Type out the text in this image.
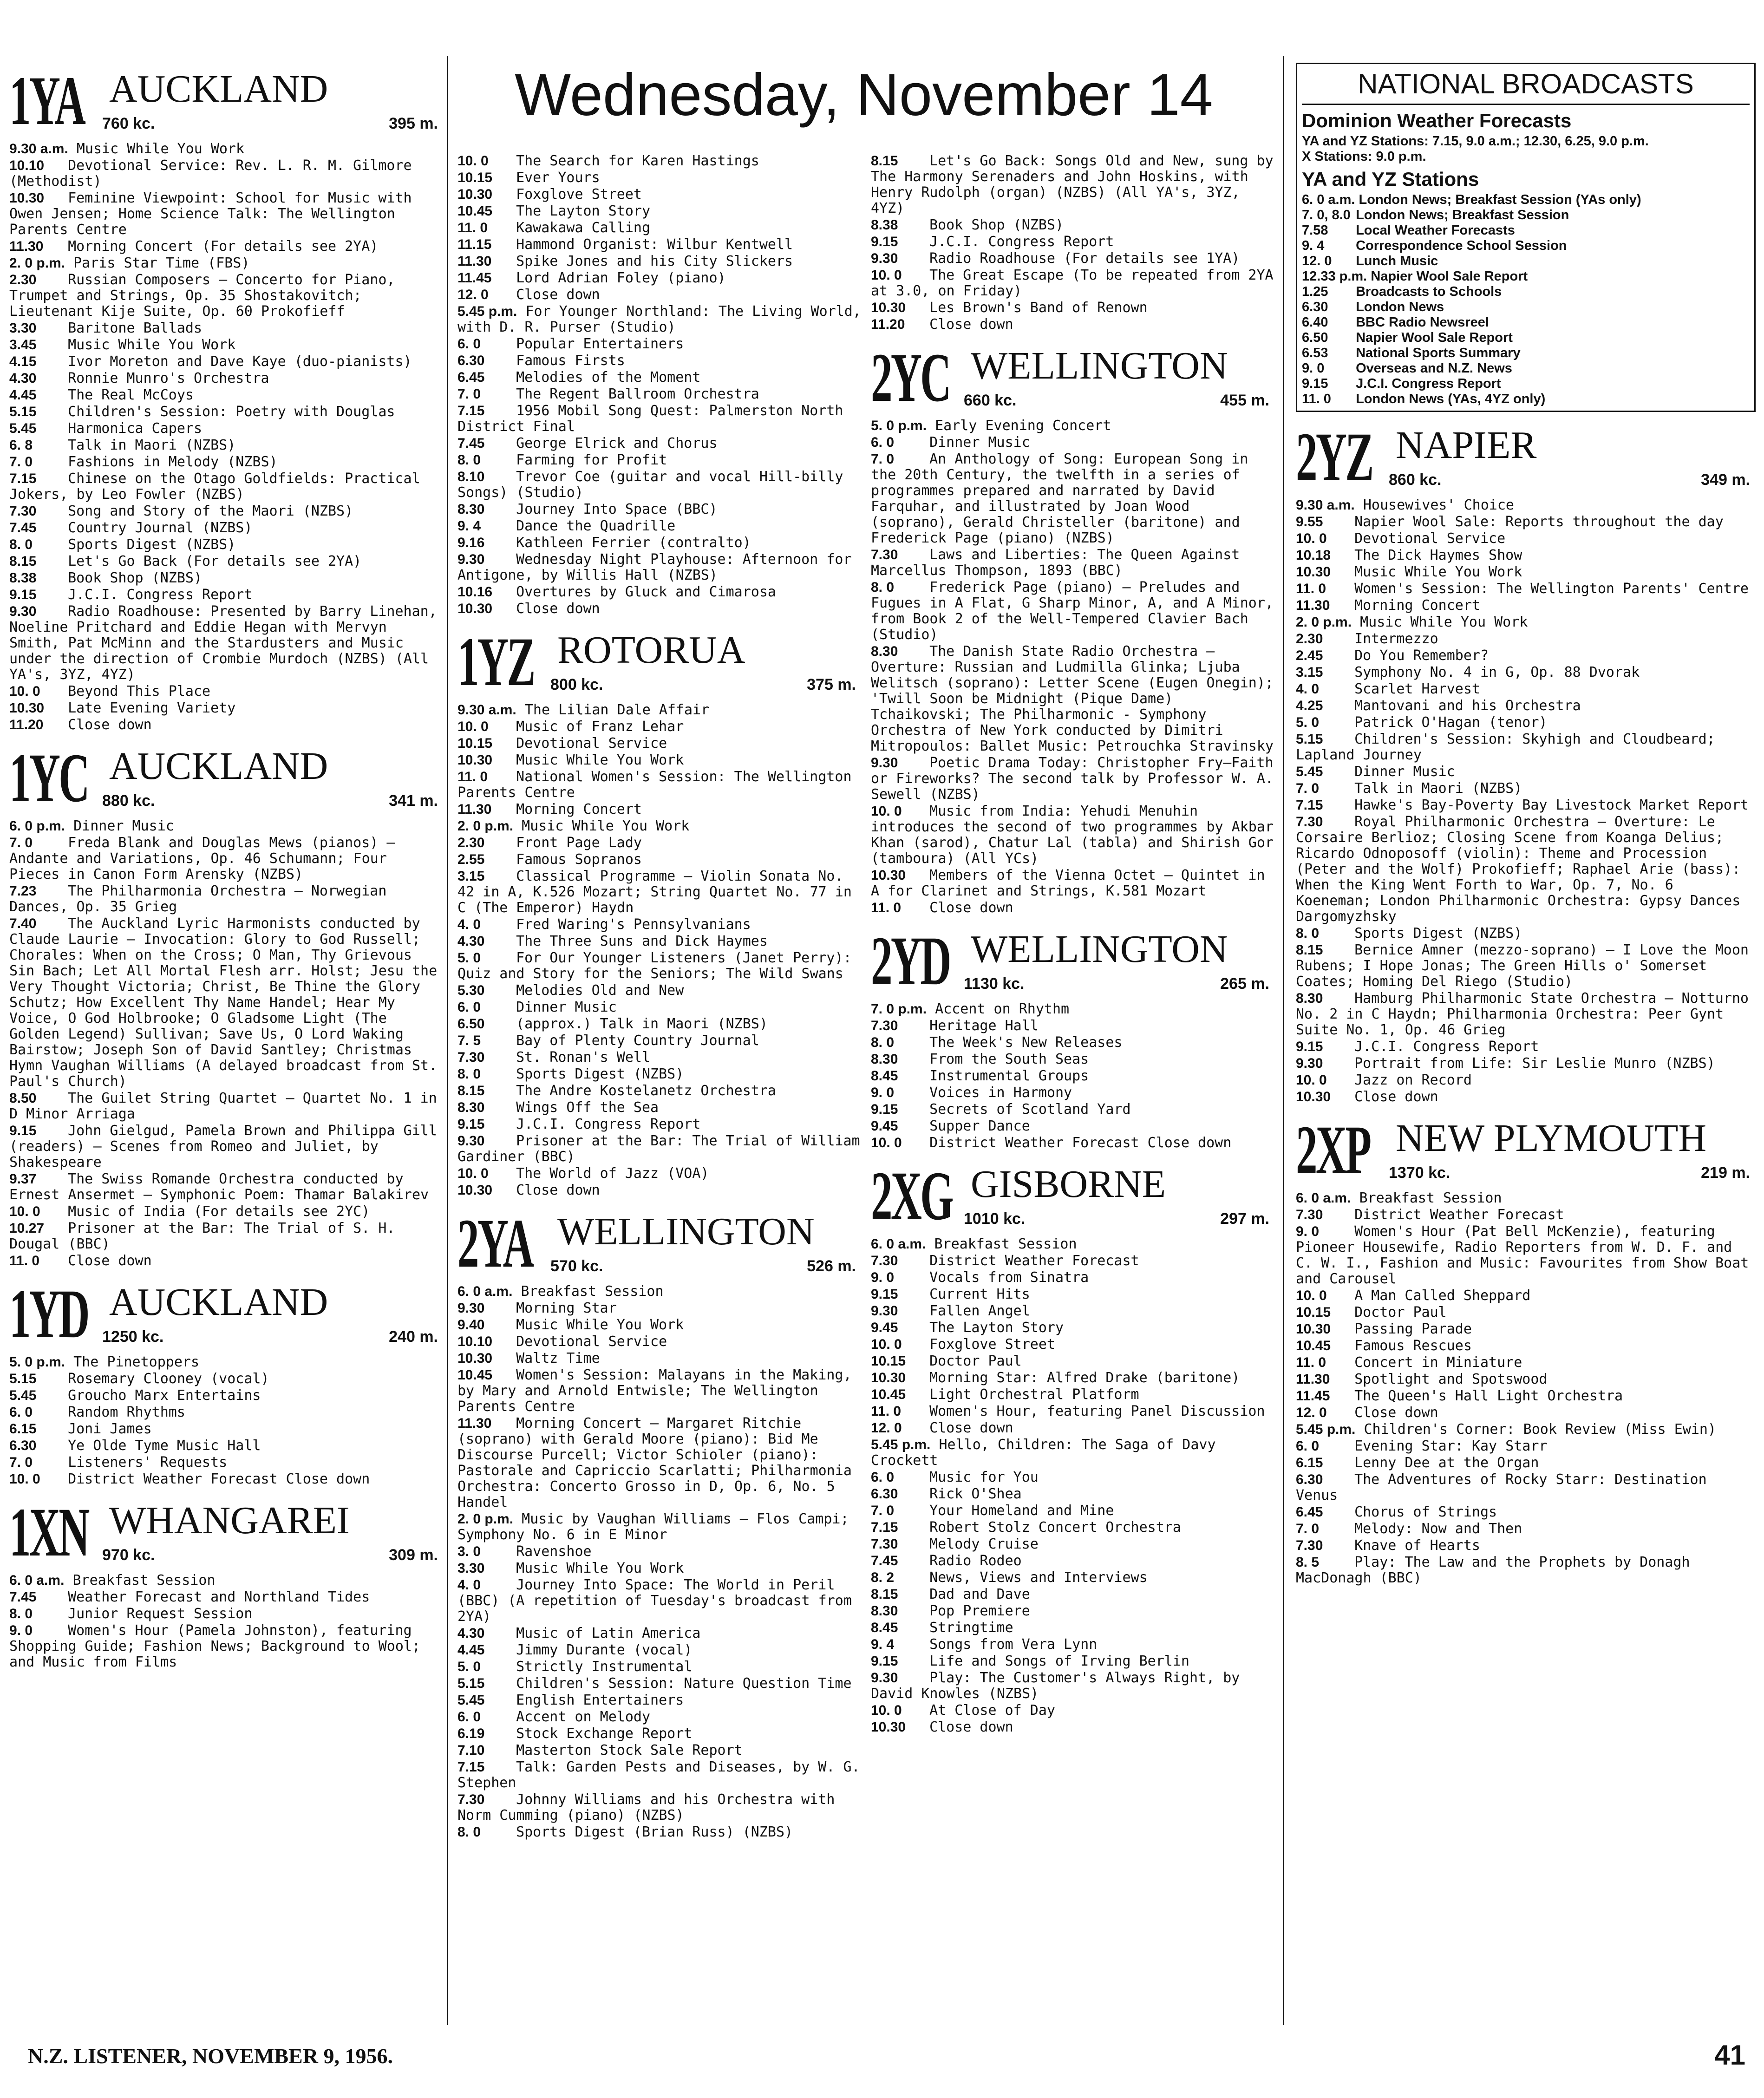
Wednesday, November 14
1YA AUCKLAND
760 kc.	395 m.
9.30 a.m. Music While You Work
10.10 Devotional Service: Rev. L. R. M. Gilmore (Methodist)
10.30 Feminine Viewpoint: School for Music with Owen Jensen; Home Science Talk: The Wellington Parents Centre
11.30 Morning Concert (For details see 2YA)
2. 0 p.m. Paris Star Time (FBS)
2.30 Russian Composers — Concerto for Piano, Trumpet and Strings, Op. 35 Shostakovitch; Lieutenant Kije Suite, Op. 60 Prokofieff
3.30 Baritone Ballads
3.45 Music While You Work
4.15 Ivor Moreton and Dave Kaye (duo-pianists)
4.30 Ronnie Munro's Orchestra
4.45 The Real McCoys
5.15 Children's Session: Poetry with Douglas
5.45 Harmonica Capers
6. 8	Talk in Maori (NZBS)
7. 0	Fashions in Melody (NZBS)
7.15 Chinese on the Otago Goldfields: Practical Jokers, by Leo Fowler (NZBS)
7.30 Song and Story of the Maori (NZBS)
7.45 Country Journal (NZBS)
8. 0	Sports Digest (NZBS)
8.15 Let's Go Back (For details see 2YA)
8.38 Book Shop (NZBS)
9.15 J.C.I. Congress Report
9.30 Radio Roadhouse: Presented by Barry Linehan, Noeline Pritchard and Eddie Hegan with Mervyn Smith, Pat McMinn and the Stardusters and Music under the direction of Crombie Murdoch (NZBS) (All YA's, 3YZ, 4YZ)
10. 0 Beyond This Place
10.30 Late Evening Variety
11.20 Close down
1YC AUCKLAND
880 kc.	341 m.
6. 0 p.m. Dinner Music
7. 0	Freda Blank and Douglas Mews (pianos) — Andante and Variations, Op. 46 Schumann; Four Pieces in Canon Form Arensky (NZBS)
7.23 The Philharmonia Orchestra — Norwegian Dances, Op. 35 Grieg
7.40 The Auckland Lyric Harmonists conducted by Claude Laurie — Invocation: Glory to God Russell; Chorales: When on the Cross; O Man, Thy Grievous Sin Bach; Let All Mortal Flesh arr. Holst; Jesu the Very Thought Victoria; Christ, Be Thine the Glory Schutz; How Excellent Thy Name Handel; Hear My Voice, O God Holbrooke; O Gladsome Light (The Golden Legend) Sullivan; Save Us, O Lord Waking Bairstow; Joseph Son of David Santley; Christmas Hymn Vaughan Williams (A delayed broadcast from St. Paul's Church)
8.50 The Guilet String Quartet — Quartet No. 1 in D Minor Arriaga
9.15 John Gielgud, Pamela Brown and Philippa Gill (readers) — Scenes from Romeo and Juliet, by Shakespeare
9.37 The Swiss Romande Orchestra conducted by Ernest Ansermet — Symphonic Poem: Thamar Balakirev
10. 0 Music of India (For details see 2YC)
10.27 Prisoner at the Bar: The Trial of S. H. Dougal (BBC)
11. 0 Close down
1YD AUCKLAND
1250 kc.	240 m.
5. 0 p.m. The Pinetoppers
5.15 Rosemary Clooney (vocal)
5.45 Groucho Marx Entertains
6. 0	Random Rhythms
6.15 Joni James
6.30 Ye Olde Tyme Music Hall
7. 0	Listeners' Requests
10. 0 District Weather Forecast Close down
1XN WHANGAREI
970 kc.	309 m.
6. 0 a.m. Breakfast Session
7.45 Weather Forecast and Northland Tides
8. 0	Junior Request Session
9. 0	Women's Hour (Pamela Johnston), featuring Shopping Guide; Fashion News; Background to Wool; and Music from Films
10. 0 The Search for Karen Hastings
10.15 Ever Yours
10.30 Foxglove Street
10.45 The Layton Story
11. 0 Kawakawa Calling
11.15 Hammond Organist: Wilbur Kentwell
11.30 Spike Jones and his City Slickers
11.45 Lord Adrian Foley (piano)
12. 0 Close down
5.45 p.m. For Younger Northland: The Living World, with D. R. Purser (Studio)
6. 0	Popular Entertainers
6.30 Famous Firsts
6.45 Melodies of the Moment
7. 0	The Regent Ballroom Orchestra
7.15 1956 Mobil Song Quest: Palmerston North District Final
7.45 George Elrick and Chorus
8. 0	Farming for Profit
8.10 Trevor Coe (guitar and vocal Hill-billy Songs) (Studio)
8.30 Journey Into Space (BBC)
9. 4	Dance the Quadrille
9.16 Kathleen Ferrier (contralto)
9.30 Wednesday Night Playhouse: Afternoon for Antigone, by Willis Hall (NZBS)
10.16 Overtures by Gluck and Cimarosa
10.30 Close down
1YZ ROTORUA
800 kc.	375 m.
9.30 a.m. The Lilian Dale Affair
10. 0 Music of Franz Lehar
10.15 Devotional Service
10.30 Music While You Work
11. 0 National Women's Session: The Wellington Parents Centre
11.30 Morning Concert
2. 0 p.m. Music While You Work
2.30 Front Page Lady
2.55 Famous Sopranos
3.15 Classical Programme — Violin Sonata No. 42 in A, K.526 Mozart; String Quartet No. 77 in C (The Emperor) Haydn
4. 0	Fred Waring's Pennsylvanians
4.30 The Three Suns and Dick Haymes
5. 0	For Our Younger Listeners (Janet Perry): Quiz and Story for the Seniors; The Wild Swans
5.30 Melodies Old and New
6. 0	Dinner Music
6.50 (approx.) Talk in Maori (NZBS)
7. 5	Bay of Plenty Country Journal
7.30 St. Ronan's Well
8. 0	Sports Digest (NZBS)
8.15 The Andre Kostelanetz Orchestra
8.30 Wings Off the Sea
9.15 J.C.I. Congress Report
9.30 Prisoner at the Bar: The Trial of William Gardiner (BBC)
10. 0 The World of Jazz (VOA)
10.30 Close down
2YA WELLINGTON
570 kc.	526 m.
6. 0 a.m. Breakfast Session
9.30 Morning Star
9.40 Music While You Work
10.10 Devotional Service
10.30 Waltz Time
10.45 Women's Session: Malayans in the Making, by Mary and Arnold Entwisle; The Wellington Parents Centre
11.30 Morning Concert — Margaret Ritchie (soprano) with Gerald Moore (piano): Bid Me Discourse Purcell; Victor Schioler (piano): Pastorale and Capriccio Scarlatti; Philharmonia Orchestra: Concerto Grosso in D, Op. 6, No. 5 Handel
2. 0 p.m. Music by Vaughan Williams — Flos Campi; Symphony No. 6 in E Minor
3. 0	Ravenshoe
3.30 Music While You Work
4. 0	Journey Into Space: The World in Peril (BBC) (A repetition of Tuesday's broadcast from 2YA)
4.30 Music of Latin America
4.45 Jimmy Durante (vocal)
5. 0	Strictly Instrumental
5.15 Children's Session: Nature Question Time
5.45 English Entertainers
6. 0	Accent on Melody
6.19 Stock Exchange Report
7.10 Masterton Stock Sale Report
7.15 Talk: Garden Pests and Diseases, by W. G. Stephen
7.30 Johnny Williams and his Orchestra with Norm Cumming (piano) (NZBS)
8. 0	Sports Digest (Brian Russ) (NZBS)
8.15 Let's Go Back: Songs Old and New, sung by The Harmony Serenaders and John Hoskins, with Henry Rudolph (organ) (NZBS) (All YA's, 3YZ, 4YZ)
8.38 Book Shop (NZBS)
9.15 J.C.I. Congress Report
9.30 Radio Roadhouse (For details see 1YA)
10. 0 The Great Escape (To be repeated from 2YA at 3.0, on Friday)
10.30 Les Brown's Band of Renown
11.20 Close down
2YC WELLINGTON
660 kc.	455 m.
5. 0 p.m. Early Evening Concert
6. 0	Dinner Music
7. 0	An Anthology of Song: European Song in the 20th Century, the twelfth in a series of programmes prepared and narrated by David Farquhar, and illustrated by Joan Wood (soprano), Gerald Christeller (baritone) and Frederick Page (piano) (NZBS)
7.30 Laws and Liberties: The Queen Against Marcellus Thompson, 1893 (BBC)
8. 0	Frederick Page (piano) — Preludes and Fugues in A Flat, G Sharp Minor, A, and A Minor, from Book 2 of the Well-Tempered Clavier Bach (Studio)
8.30 The Danish State Radio Orchestra — Overture: Russian and Ludmilla Glinka; Ljuba Welitsch (soprano): Letter Scene (Eugen Onegin); 'Twill Soon be Midnight (Pique Dame) Tchaikovski; The Philharmonic - Symphony Orchestra of New York conducted by Dimitri Mitropoulos: Ballet Music: Petrouchka Stravinsky
9.30 Poetic Drama Today: Christopher Fry—Faith or Fireworks? The second talk by Professor W. A. Sewell (NZBS)
10. 0 Music from India: Yehudi Menuhin introduces the second of two programmes by Akbar Khan (sarod), Chatur Lal (tabla) and Shirish Gor (tamboura) (All YCs)
10.30 Members of the Vienna Octet — Quintet in A for Clarinet and Strings, K.581 Mozart
11. 0 Close down
2YD WELLINGTON
1130 kc.	265 m.
7. 0 p.m. Accent on Rhythm
7.30 Heritage Hall
8. 0	The Week's New Releases
8.30 From the South Seas
8.45 Instrumental Groups
9. 0	Voices in Harmony
9.15 Secrets of Scotland Yard
9.45 Supper Dance
10. 0 District Weather Forecast Close down
2XG GISBORNE
1010 kc.	297 m.
6. 0 a.m. Breakfast Session
7.30 District Weather Forecast
9. 0	Vocals from Sinatra
9.15 Current Hits
9.30 Fallen Angel
9.45 The Layton Story
10. 0 Foxglove Street
10.15 Doctor Paul
10.30 Morning Star: Alfred Drake (baritone)
10.45 Light Orchestral Platform
11. 0 Women's Hour, featuring Panel Discussion
12. 0 Close down
5.45 p.m. Hello, Children: The Saga of Davy Crockett
6. 0	Music for You
6.30 Rick O'Shea
7. 0	Your Homeland and Mine
7.15 Robert Stolz Concert Orchestra
7.30 Melody Cruise
7.45 Radio Rodeo
8. 2	News, Views and Interviews
8.15 Dad and Dave
8.30 Pop Premiere
8.45 Stringtime
9. 4	Songs from Vera Lynn
9.15 Life and Songs of Irving Berlin
9.30 Play: The Customer's Always Right, by David Knowles (NZBS)
10. 0 At Close of Day
10.30 Close down
NATIONAL BROADCASTS
Dominion Weather Forecasts
YA and YZ Stations: 7.15, 9.0 a.m.; 12.30, 6.25, 9.0 p.m.
X Stations: 9.0 p.m.
YA and YZ Stations
6. 0 a.m. London News; Breakfast Session (YAs only)
7. 0, 8.0 London News; Breakfast Session
7.58 Local Weather Forecasts
9. 4 Correspondence School Session
12. 0 Lunch Music
12.33 p.m. Napier Wool Sale Report
1.25 Broadcasts to Schools
6.30 London News
6.40 BBC Radio Newsreel
6.50 Napier Wool Sale Report
6.53 National Sports Summary
9. 0 Overseas and N.Z. News
9.15 J.C.I. Congress Report
11. 0 London News (YAs, 4YZ only)
2YZ NAPIER
860 kc.	349 m.
9.30 a.m. Housewives' Choice
9.55 Napier Wool Sale: Reports throughout the day
10. 0 Devotional Service
10.18 The Dick Haymes Show
10.30 Music While You Work
11. 0 Women's Session: The Wellington Parents' Centre
11.30 Morning Concert
2. 0 p.m. Music While You Work
2.30 Intermezzo
2.45 Do You Remember?
3.15 Symphony No. 4 in G, Op. 88 Dvorak
4. 0	Scarlet Harvest
4.25 Mantovani and his Orchestra
5. 0	Patrick O'Hagan (tenor)
5.15 Children's Session: Skyhigh and Cloudbeard; Lapland Journey
5.45 Dinner Music
7. 0	Talk in Maori (NZBS)
7.15 Hawke's Bay-Poverty Bay Livestock Market Report
7.30 Royal Philharmonic Orchestra — Overture: Le Corsaire Berlioz; Closing Scene from Koanga Delius; Ricardo Odnoposoff (violin): Theme and Procession (Peter and the Wolf) Prokofieff; Raphael Arie (bass): When the King Went Forth to War, Op. 7, No. 6 Koeneman; London Philharmonic Orchestra: Gypsy Dances Dargomyzhsky
8. 0	Sports Digest (NZBS)
8.15 Bernice Amner (mezzo-soprano) — I Love the Moon Rubens; I Hope Jonas; The Green Hills o' Somerset Coates; Homing Del Riego (Studio)
8.30 Hamburg Philharmonic State Orchestra — Notturno No. 2 in C Haydn; Philharmonia Orchestra: Peer Gynt Suite No. 1, Op. 46 Grieg
9.15 J.C.I. Congress Report
9.30 Portrait from Life: Sir Leslie Munro (NZBS)
10. 0 Jazz on Record
10.30 Close down
2XP NEW PLYMOUTH
1370 kc.	219 m.
6. 0 a.m. Breakfast Session
7.30 District Weather Forecast
9. 0	Women's Hour (Pat Bell McKenzie), featuring Pioneer Housewife, Radio Reporters from W. D. F. and C. W. I., Fashion and Music: Favourites from Show Boat and Carousel
10. 0 A Man Called Sheppard
10.15 Doctor Paul
10.30 Passing Parade
10.45 Famous Rescues
11. 0 Concert in Miniature
11.30 Spotlight and Spotswood
11.45 The Queen's Hall Light Orchestra
12. 0 Close down
5.45 p.m. Children's Corner: Book Review (Miss Ewin)
6. 0	Evening Star: Kay Starr
6.15 Lenny Dee at the Organ
6.30 The Adventures of Rocky Starr: Destination Venus
6.45 Chorus of Strings
7. 0	Melody: Now and Then
7.30 Knave of Hearts
8. 5	Play: The Law and the Prophets by Donagh MacDonagh (BBC)
N.Z. LISTENER, NOVEMBER 9, 1956.	41
